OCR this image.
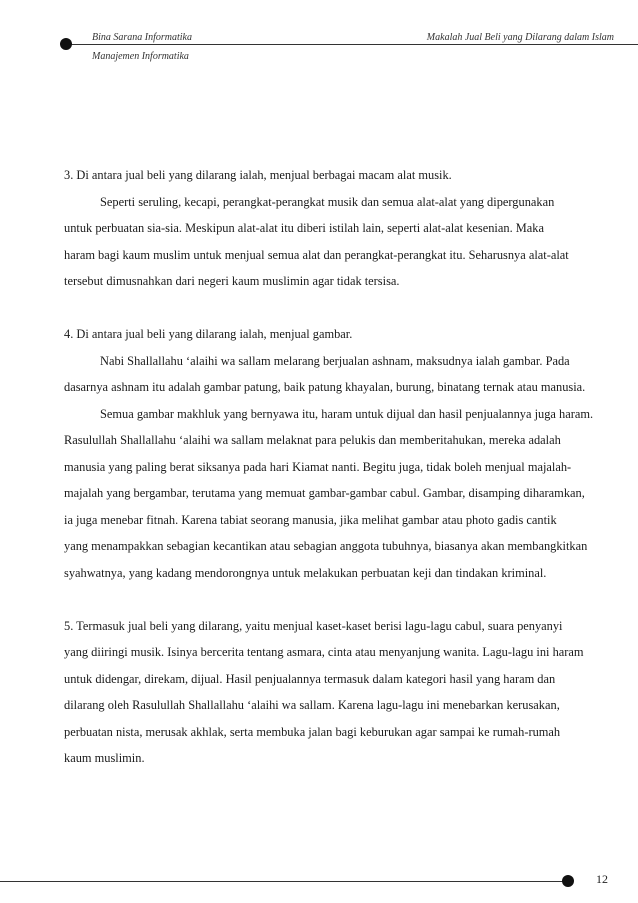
Bina Sarana Informatika
Manajemen Informatika
Makalah Jual Beli yang Dilarang dalam Islam
3. Di antara jual beli yang dilarang ialah, menjual berbagai macam alat musik.
Seperti seruling, kecapi, perangkat-perangkat musik dan semua alat-alat yang dipergunakan
untuk perbuatan sia-sia. Meskipun alat-alat itu diberi istilah lain, seperti alat-alat kesenian. Maka
haram bagi kaum muslim untuk menjual semua alat dan perangkat-perangkat itu. Seharusnya alat-alat
tersebut dimusnahkan dari negeri kaum muslimin agar tidak tersisa.
4. Di antara jual beli yang dilarang ialah, menjual gambar.
Nabi Shallallahu ‘alaihi wa sallam melarang berjualan ashnam, maksudnya ialah gambar. Pada
dasarnya ashnam itu adalah gambar patung, baik patung khayalan, burung, binatang ternak atau manusia.
Semua gambar makhluk yang bernyawa itu, haram untuk dijual dan hasil penjualannya juga haram.
Rasulullah Shallallahu ‘alaihi wa sallam melaknat para pelukis dan memberitahukan, mereka adalah
manusia yang paling berat siksanya pada hari Kiamat nanti. Begitu juga, tidak boleh menjual majalah-
majalah yang bergambar, terutama yang memuat gambar-gambar cabul. Gambar, disamping diharamkan,
ia juga menebar fitnah. Karena tabiat seorang manusia, jika melihat gambar atau photo gadis cantik
yang menampakkan sebagian kecantikan atau sebagian anggota tubuhnya, biasanya akan membangkitkan
syahwatnya, yang kadang mendorongnya untuk melakukan perbuatan keji dan tindakan kriminal.
5. Termasuk jual beli yang dilarang, yaitu menjual kaset-kaset berisi lagu-lagu cabul, suara penyanyi
yang diiringi musik. Isinya bercerita tentang asmara, cinta atau menyanjung wanita. Lagu-lagu ini haram
untuk didengar, direkam, dijual. Hasil penjualannya termasuk dalam kategori hasil yang haram dan
dilarang oleh Rasulullah Shallallahu ‘alaihi wa sallam. Karena lagu-lagu ini menebarkan kerusakan,
perbuatan nista, merusak akhlak, serta membuka jalan bagi keburukan agar sampai ke rumah-rumah
kaum muslimin.
12
